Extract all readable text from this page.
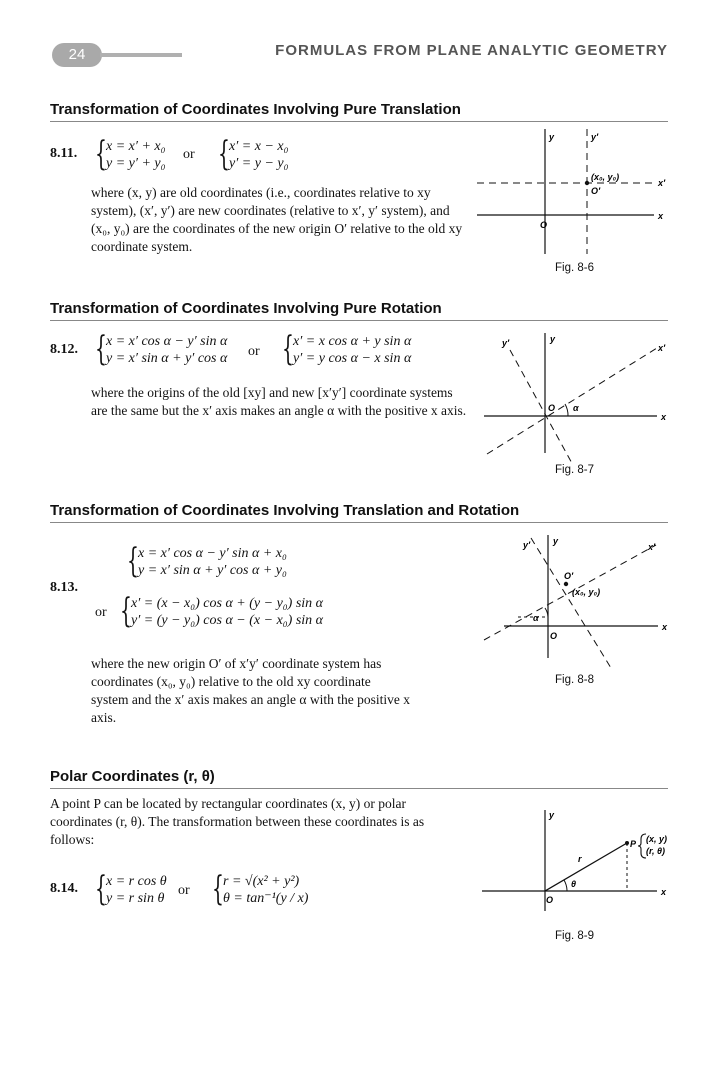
24	FORMULAS FROM PLANE ANALYTIC GEOMETRY
Transformation of Coordinates Involving Pure Translation
8.11. { x = x′ + x₀
y = y′ + y₀
or { x′ = x − x₀
y′ = y − y₀
where (x, y) are old coordinates (i.e., coordinates relative to xy system), (x′, y′) are new coordinates (relative to x′, y′ system), and (x₀, y₀) are the coordinates of the new origin O′ relative to the old xy coordinate system.
y	y′
(x₀, y₀)
O′
x′
O
x
Fig. 8-6
Transformation of Coordinates Involving Pure Rotation
8.12. { x = x′ cos α − y′ sin α
y = x′ sin α + y′ cos α or { x′ = x cos α + y sin α
y′ = y cos α − x sin α
where the origins of the old [xy] and new [x′y′] coordinate systems are the same but the x′ axis makes an angle α with the positive x axis.
y′	y
x′
O α
x
Fig. 8-7
Transformation of Coordinates Involving Translation and Rotation
{ x = x′ cos α − y′ sin α + x₀
y = x′ sin α + y′ cos α + y₀
8.13.
or { x′ = (x − x₀) cos α + (y − y₀) sin α
y′ = (y − y₀) cos α − (x − x₀) sin α
where the new origin O′ of x′y′ coordinate system has coordinates (x₀, y₀) relative to the old xy coordinate system and the x′ axis makes an angle α with the positive x axis.
y′	y
x′
O′
(x₀, y₀)
α
O
x
Fig. 8-8
Polar Coordinates (r, θ)
A point P can be located by rectangular coordinates (x, y) or polar coordinates (r, θ). The transformation between these coordinates is as follows:
8.14. { x = r cos θ
y = r sin θ
or { r = √(x² + y²)
θ = tan⁻¹(y / x)
y
P (x, y)
(r, θ)
r
θ
O
x
Fig. 8-9
